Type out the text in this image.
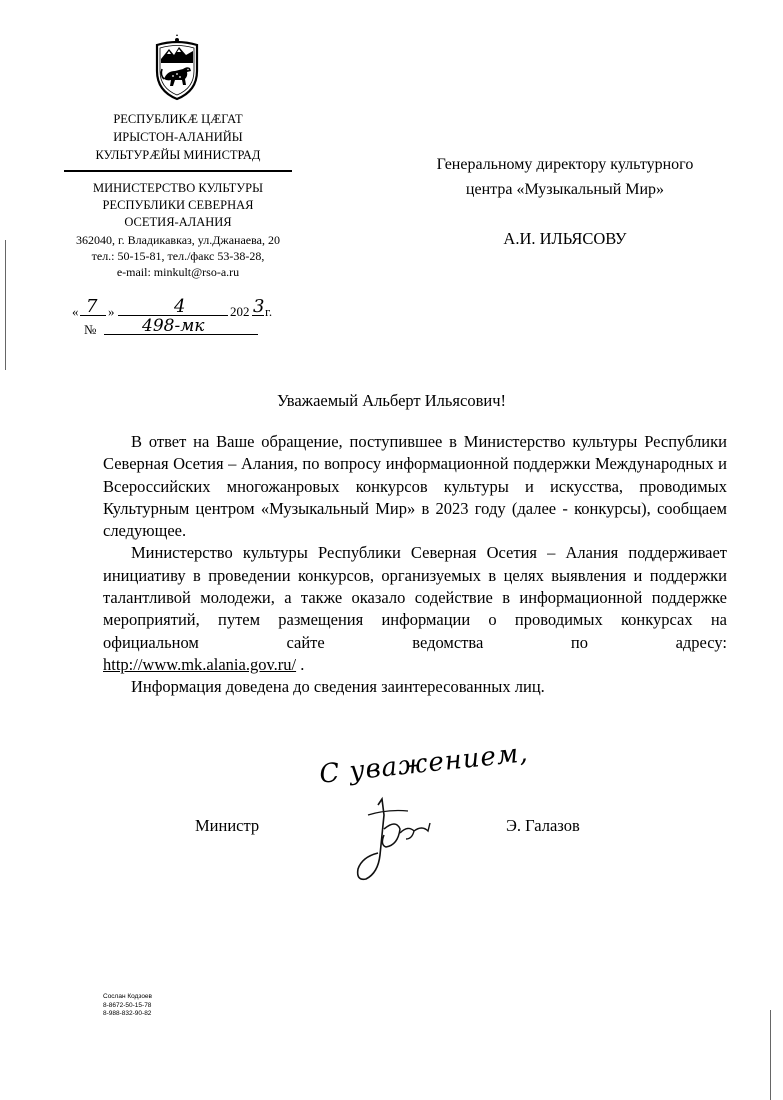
РЕСПУБЛИКӔ ЦӔГАТ
ИРЫСТОН-АЛАНИЙЫ
КУЛЬТУРӔЙЫ МИНИСТРАД
МИНИСТЕРСТВО КУЛЬТУРЫ
РЕСПУБЛИКИ СЕВЕРНАЯ
ОСЕТИЯ-АЛАНИЯ
362040, г. Владикавказ, ул.Джанаева, 20
тел.: 50-15-81, тел./факс 53-38-28,
e-mail: minkult@rso-a.ru
« 7 »	4	202 3 г.
№	498-мк
Генеральному директору культурного
центра «Музыкальный Мир»
А.И. ИЛЬЯСОВУ
Уважаемый Альберт Ильясович!

В ответ на Ваше обращение, поступившее в Министерство культуры Республики Северная Осетия – Алания, по вопросу информационной поддержки Международных и Всероссийских многожанровых конкурсов культуры и искусства, проводимых Культурным центром «Музыкальный Мир» в 2023 году (далее - конкурсы), сообщаем следующее.

Министерство культуры Республики Северная Осетия – Алания поддерживает инициативу в проведении конкурсов, организуемых в целях выявления и поддержки талантливой молодежи, а также оказало содействие в информационной поддержке мероприятий, путем размещения информации о проводимых конкурсах на официальном сайте ведомства по адресу:

http://www.mk.alania.gov.ru/ .

Информация доведена до сведения заинтересованных лиц.

С уважением,
Министр	Э. Галазов
Сослан Кодзоев
8-8672-50-15-78
8-988-832-90-82
